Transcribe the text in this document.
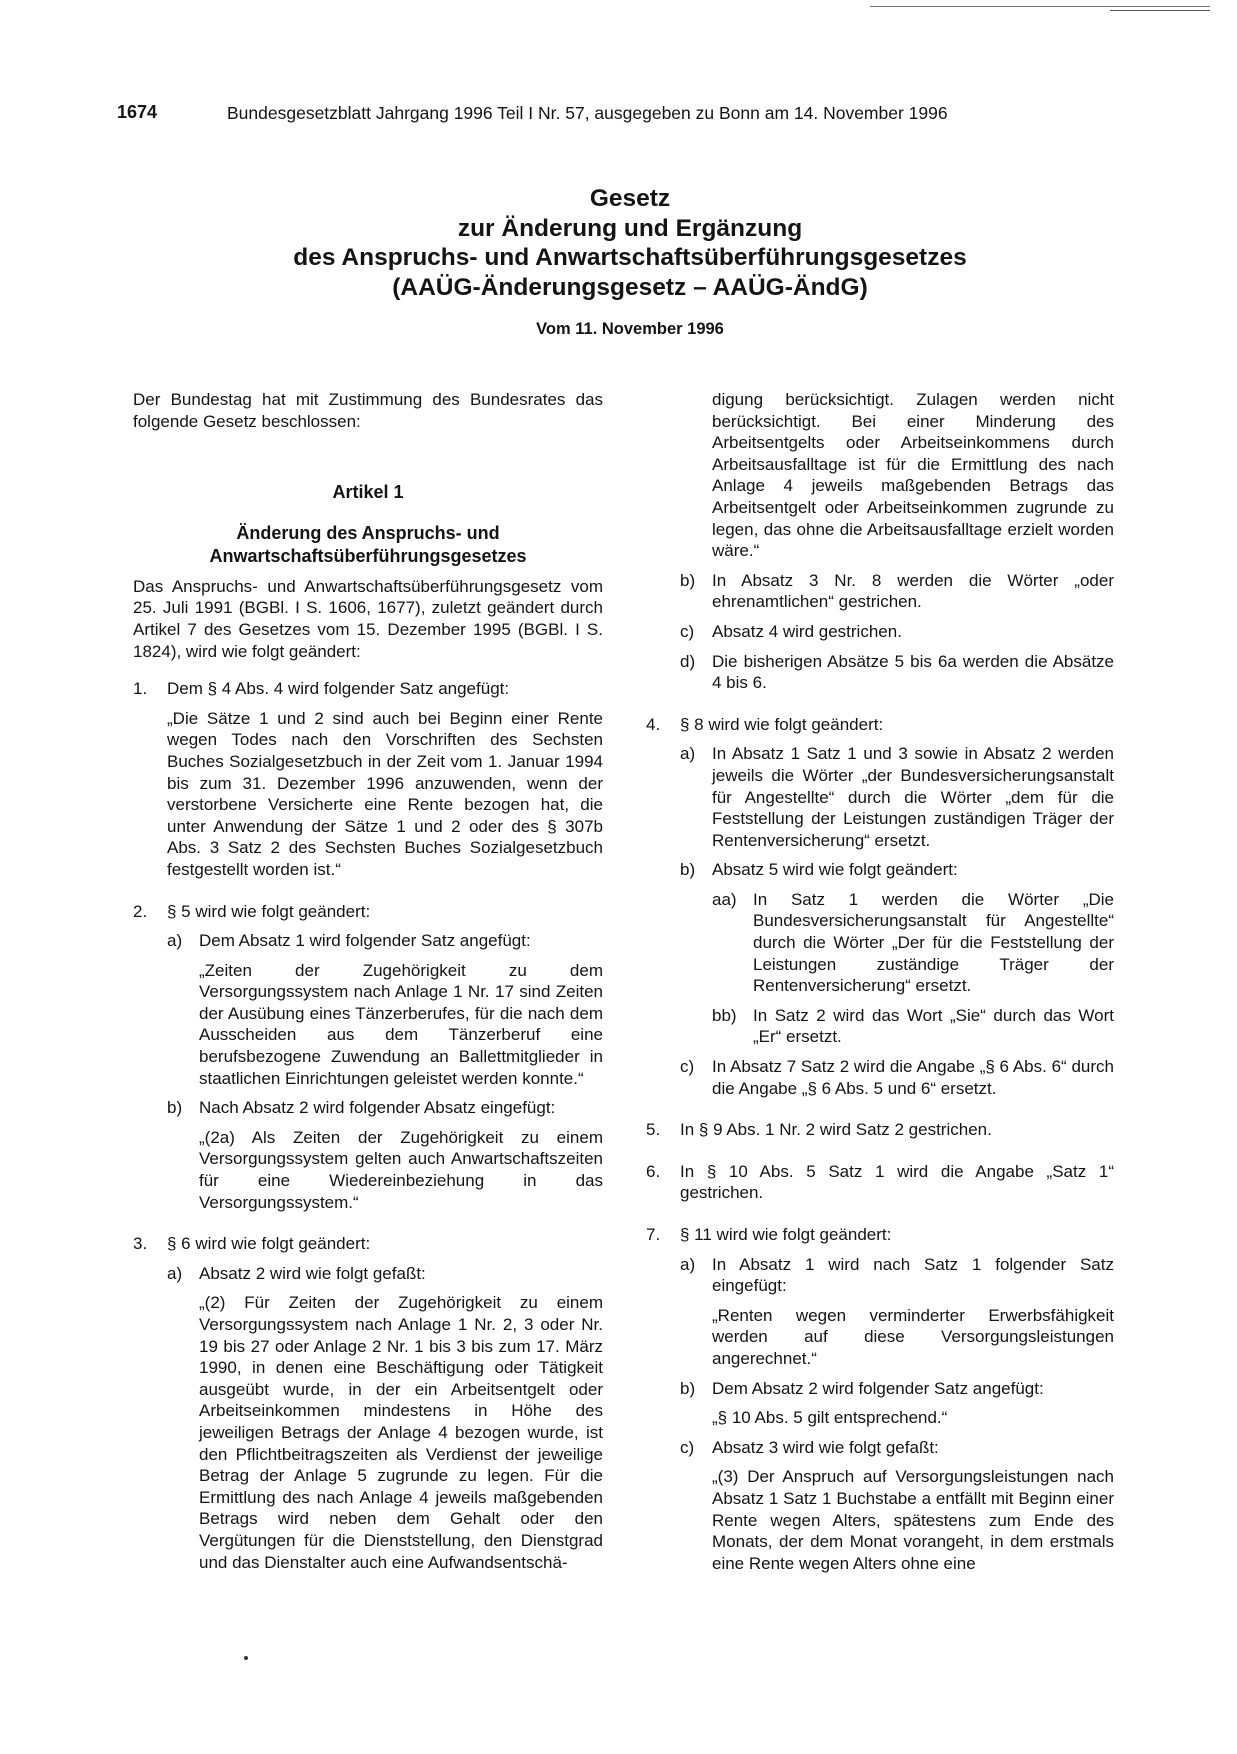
1674	Bundesgesetzblatt Jahrgang 1996 Teil I Nr. 57, ausgegeben zu Bonn am 14. November 1996
Gesetz
zur Änderung und Ergänzung
des Anspruchs- und Anwartschaftsüberführungsgesetzes
(AAÜG-Änderungsgesetz – AAÜG-ÄndG)
Vom 11. November 1996

Der Bundestag hat mit Zustimmung des Bundesrates das folgende Gesetz beschlossen:

Artikel 1
Änderung des Anspruchs- und
Anwartschaftsüberführungsgesetzes

Das Anspruchs- und Anwartschaftsüberführungsgesetz vom 25. Juli 1991 (BGBl. I S. 1606, 1677), zuletzt geändert durch Artikel 7 des Gesetzes vom 15. Dezember 1995 (BGBl. I S. 1824), wird wie folgt geändert:

1. Dem § 4 Abs. 4 wird folgender Satz angefügt:

„Die Sätze 1 und 2 sind auch bei Beginn einer Rente wegen Todes nach den Vorschriften des Sechsten Buches Sozialgesetzbuch in der Zeit vom 1. Januar 1994 bis zum 31. Dezember 1996 anzuwenden, wenn der verstorbene Versicherte eine Rente bezogen hat, die unter Anwendung der Sätze 1 und 2 oder des § 307b Abs. 3 Satz 2 des Sechsten Buches Sozialgesetzbuch festgestellt worden ist.“

2. § 5 wird wie folgt geändert:

a) Dem Absatz 1 wird folgender Satz angefügt:

„Zeiten der Zugehörigkeit zu dem Versorgungssystem nach Anlage 1 Nr. 17 sind Zeiten der Ausübung eines Tänzerberufes, für die nach dem Ausscheiden aus dem Tänzerberuf eine berufsbezogene Zuwendung an Ballettmitglieder in staatlichen Einrichtungen geleistet werden konnte.“

b) Nach Absatz 2 wird folgender Absatz eingefügt:

„(2a) Als Zeiten der Zugehörigkeit zu einem Versorgungssystem gelten auch Anwartschaftszeiten für eine Wiedereinbeziehung in das Versorgungssystem.“

3. § 6 wird wie folgt geändert:

a) Absatz 2 wird wie folgt gefaßt:

„(2) Für Zeiten der Zugehörigkeit zu einem Versorgungssystem nach Anlage 1 Nr. 2, 3 oder Nr. 19 bis 27 oder Anlage 2 Nr. 1 bis 3 bis zum 17. März 1990, in denen eine Beschäftigung oder Tätigkeit ausgeübt wurde, in der ein Arbeitsentgelt oder Arbeitseinkommen mindestens in Höhe des jeweiligen Betrags der Anlage 4 bezogen wurde, ist den Pflichtbeitragszeiten als Verdienst der jeweilige Betrag der Anlage 5 zugrunde zu legen. Für die Ermittlung des nach Anlage 4 jeweils maßgebenden Betrags wird neben dem Gehalt oder den Vergütungen für die Dienststellung, den Dienstgrad und das Dienstalter auch eine Aufwandsentschä-

digung berücksichtigt. Zulagen werden nicht berücksichtigt. Bei einer Minderung des Arbeitsentgelts oder Arbeitseinkommens durch Arbeitsausfalltage ist für die Ermittlung des nach Anlage 4 jeweils maßgebenden Betrags das Arbeitsentgelt oder Arbeitseinkommen zugrunde zu legen, das ohne die Arbeitsausfalltage erzielt worden wäre.“

b) In Absatz 3 Nr. 8 werden die Wörter „oder ehrenamtlichen“ gestrichen.

c) Absatz 4 wird gestrichen.

d) Die bisherigen Absätze 5 bis 6a werden die Absätze 4 bis 6.

4. § 8 wird wie folgt geändert:

a) In Absatz 1 Satz 1 und 3 sowie in Absatz 2 werden jeweils die Wörter „der Bundesversicherungsanstalt für Angestellte“ durch die Wörter „dem für die Feststellung der Leistungen zuständigen Träger der Rentenversicherung“ ersetzt.

b) Absatz 5 wird wie folgt geändert:

aa) In Satz 1 werden die Wörter „Die Bundesversicherungsanstalt für Angestellte“ durch die Wörter „Der für die Feststellung der Leistungen zuständige Träger der Rentenversicherung“ ersetzt.

bb) In Satz 2 wird das Wort „Sie“ durch das Wort „Er“ ersetzt.

c) In Absatz 7 Satz 2 wird die Angabe „§ 6 Abs. 6“ durch die Angabe „§ 6 Abs. 5 und 6“ ersetzt.

5. In § 9 Abs. 1 Nr. 2 wird Satz 2 gestrichen.

6. In § 10 Abs. 5 Satz 1 wird die Angabe „Satz 1“ gestrichen.

7. § 11 wird wie folgt geändert:

a) In Absatz 1 wird nach Satz 1 folgender Satz eingefügt:

„Renten wegen verminderter Erwerbsfähigkeit werden auf diese Versorgungsleistungen angerechnet.“

b) Dem Absatz 2 wird folgender Satz angefügt:

„§ 10 Abs. 5 gilt entsprechend.“

c) Absatz 3 wird wie folgt gefaßt:

„(3) Der Anspruch auf Versorgungsleistungen nach Absatz 1 Satz 1 Buchstabe a entfällt mit Beginn einer Rente wegen Alters, spätestens zum Ende des Monats, der dem Monat vorangeht, in dem erstmals eine Rente wegen Alters ohne eine
